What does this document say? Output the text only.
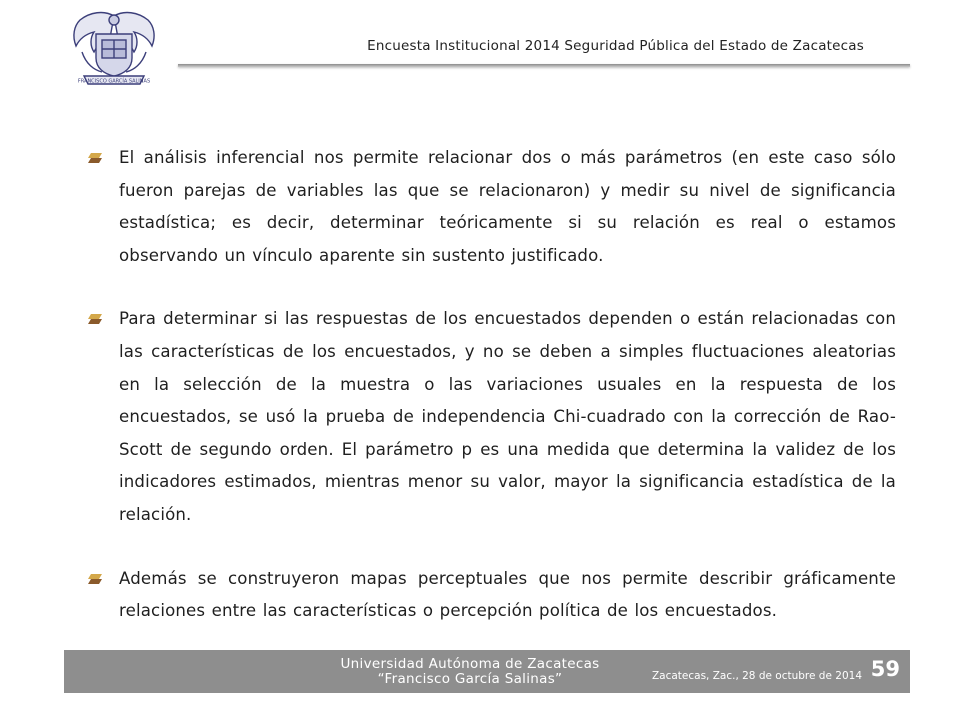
FRANCISCO GARCÍA SALINAS
Encuesta Institucional 2014 Seguridad Pública del Estado de Zacatecas

El análisis inferencial nos permite relacionar dos o más parámetros (en este caso sólo fueron parejas de variables las que se relacionaron) y medir su nivel de significancia estadística; es decir, determinar teóricamente si su relación es real o estamos observando un vínculo aparente sin sustento justificado.

Para determinar si las respuestas de los encuestados dependen o están relacionadas con las características de los encuestados, y no se deben a simples fluctuaciones aleatorias en la selección de la muestra o las variaciones usuales en la respuesta de los encuestados, se usó la prueba de independencia Chi-cuadrado con la corrección de Rao-Scott de segundo orden. El parámetro p es una medida que determina la validez de los indicadores estimados, mientras menor su valor, mayor la significancia estadística de la relación.

Además se construyeron mapas perceptuales que nos permite describir gráficamente relaciones entre las características o percepción política de los encuestados.

Universidad Autónoma de Zacatecas
“Francisco García Salinas”	Zacatecas, Zac., 28 de octubre de 2014 59
